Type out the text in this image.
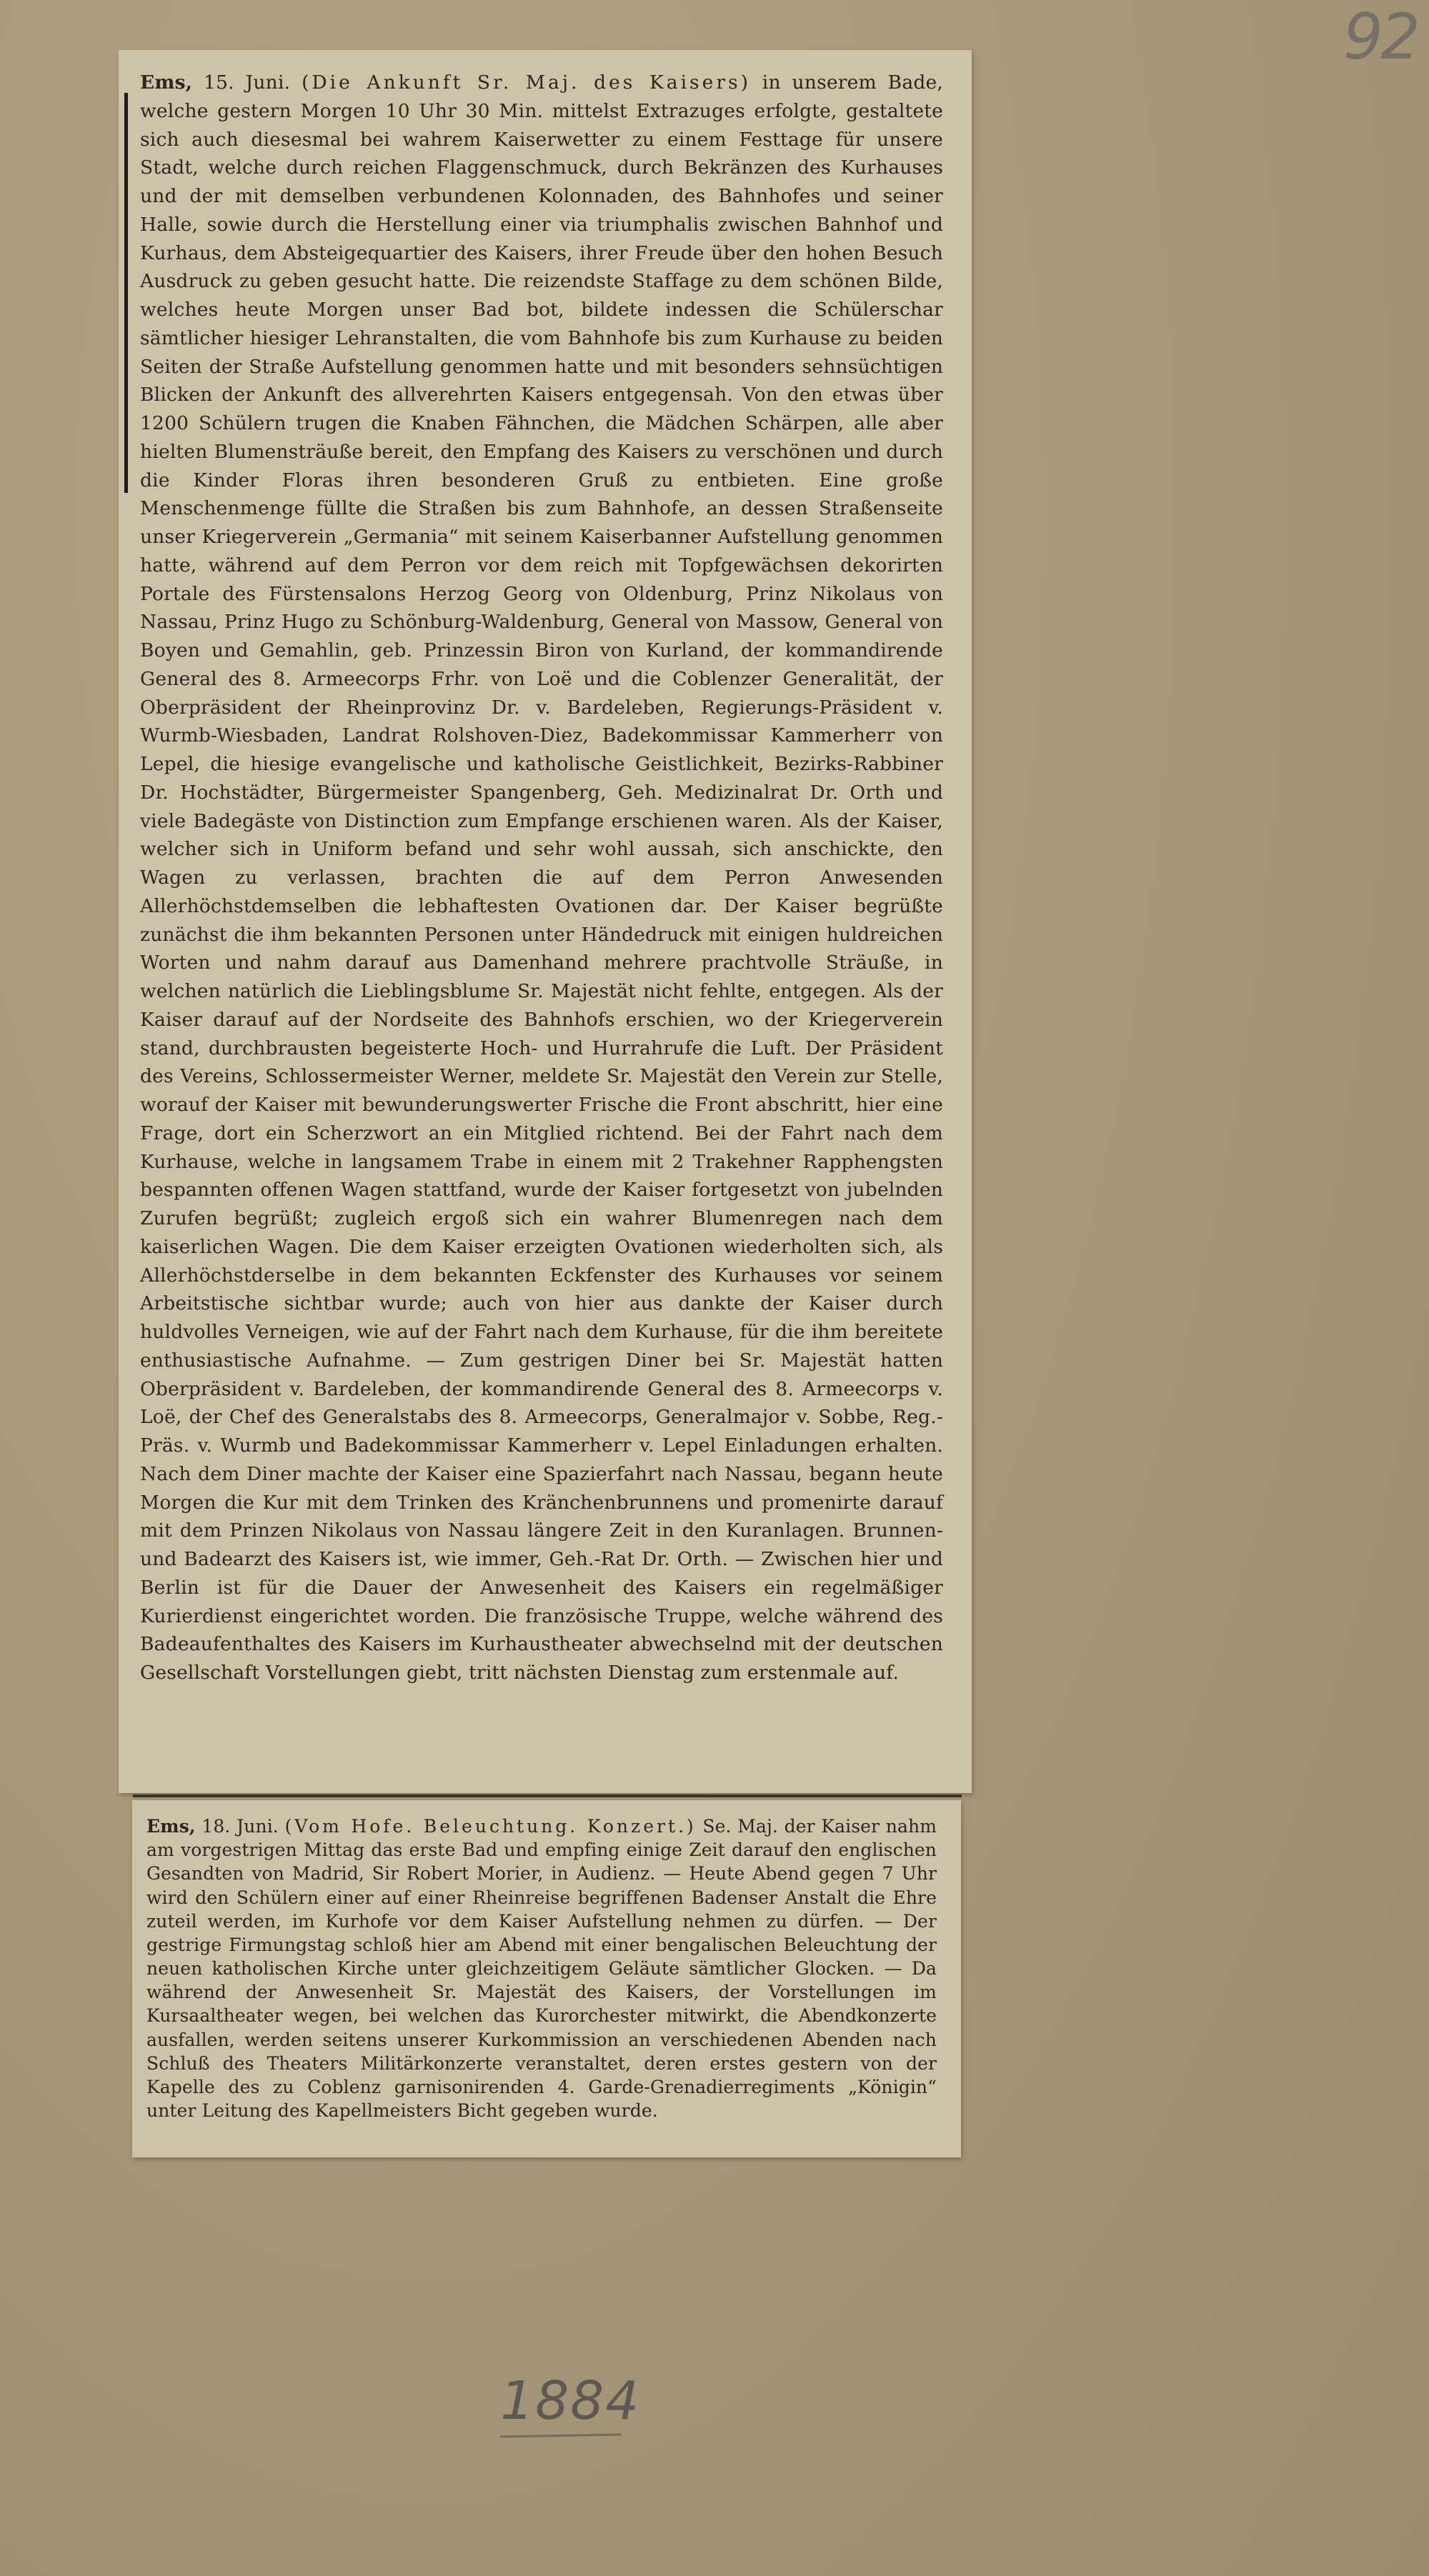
92
Ems, 15. Juni. (Die Ankunft Sr. Maj. des Kaisers) in unserem Bade, welche gestern Morgen 10 Uhr 30 Min. mittelst Extrazuges erfolgte, gestaltete sich auch diesesmal bei wahrem Kaiserwetter zu einem Festtage für unsere Stadt, welche durch reichen Flaggenschmuck, durch Bekränzen des Kurhauses und der mit demselben verbundenen Kolonnaden, des Bahnhofes und seiner Halle, sowie durch die Herstellung einer via triumphalis zwischen Bahnhof und Kurhaus, dem Absteigequartier des Kaisers, ihrer Freude über den hohen Besuch Ausdruck zu geben gesucht hatte. Die reizendste Staffage zu dem schönen Bilde, welches heute Morgen unser Bad bot, bildete indessen die Schülerschar sämtlicher hiesiger Lehranstalten, die vom Bahnhofe bis zum Kurhause zu beiden Seiten der Straße Aufstellung genommen hatte und mit besonders sehnsüchtigen Blicken der Ankunft des allverehrten Kaisers entgegensah. Von den etwas über 1200 Schülern trugen die Knaben Fähnchen, die Mädchen Schärpen, alle aber hielten Blumensträuße bereit, den Empfang des Kaisers zu verschönen und durch die Kinder Floras ihren besonderen Gruß zu entbieten. Eine große Menschenmenge füllte die Straßen bis zum Bahnhofe, an dessen Straßenseite unser Kriegerverein „Germania“ mit seinem Kaiserbanner Aufstellung genommen hatte, während auf dem Perron vor dem reich mit Topfgewächsen dekorirten Portale des Fürstensalons Herzog Georg von Oldenburg, Prinz Nikolaus von Nassau, Prinz Hugo zu Schönburg-Waldenburg, General von Massow, General von Boyen und Gemahlin, geb. Prinzessin Biron von Kurland, der kommandirende General des 8. Armeecorps Frhr. von Loë und die Coblenzer Generalität, der Oberpräsident der Rheinprovinz Dr. v. Bardeleben, Regierungs-Präsident v. Wurmb-Wiesbaden, Landrat Rolshoven-Diez, Badekommissar Kammerherr von Lepel, die hiesige evangelische und katholische Geistlichkeit, Bezirks-Rabbiner Dr. Hochstädter, Bürgermeister Spangenberg, Geh. Medizinalrat Dr. Orth und viele Badegäste von Distinction zum Empfange erschienen waren. Als der Kaiser, welcher sich in Uniform befand und sehr wohl aussah, sich anschickte, den Wagen zu verlassen, brachten die auf dem Perron Anwesenden Allerhöchstdemselben die lebhaftesten Ovationen dar. Der Kaiser begrüßte zunächst die ihm bekannten Personen unter Händedruck mit einigen huldreichen Worten und nahm darauf aus Damenhand mehrere prachtvolle Sträuße, in welchen natürlich die Lieblingsblume Sr. Majestät nicht fehlte, entgegen. Als der Kaiser darauf auf der Nordseite des Bahnhofs erschien, wo der Kriegerverein stand, durchbrausten begeisterte Hoch- und Hurrahrufe die Luft. Der Präsident des Vereins, Schlossermeister Werner, meldete Sr. Majestät den Verein zur Stelle, worauf der Kaiser mit bewunderungswerter Frische die Front abschritt, hier eine Frage, dort ein Scherzwort an ein Mitglied richtend. Bei der Fahrt nach dem Kurhause, welche in langsamem Trabe in einem mit 2 Trakehner Rapphengsten bespannten offenen Wagen stattfand, wurde der Kaiser fortgesetzt von jubelnden Zurufen begrüßt; zugleich ergoß sich ein wahrer Blumenregen nach dem kaiserlichen Wagen. Die dem Kaiser erzeigten Ovationen wiederholten sich, als Allerhöchstderselbe in dem bekannten Eckfenster des Kurhauses vor seinem Arbeitstische sichtbar wurde; auch von hier aus dankte der Kaiser durch huldvolles Verneigen, wie auf der Fahrt nach dem Kurhause, für die ihm bereitete enthusiastische Aufnahme. — Zum gestrigen Diner bei Sr. Majestät hatten Oberpräsident v. Bardeleben, der kommandirende General des 8. Armeecorps v. Loë, der Chef des Generalstabs des 8. Armeecorps, Generalmajor v. Sobbe, Reg.-Präs. v. Wurmb und Badekommissar Kammerherr v. Lepel Einladungen erhalten. Nach dem Diner machte der Kaiser eine Spazierfahrt nach Nassau, begann heute Morgen die Kur mit dem Trinken des Kränchenbrunnens und promenirte darauf mit dem Prinzen Nikolaus von Nassau längere Zeit in den Kuranlagen. Brunnen- und Badearzt des Kaisers ist, wie immer, Geh.-Rat Dr. Orth. — Zwischen hier und Berlin ist für die Dauer der Anwesenheit des Kaisers ein regelmäßiger Kurierdienst eingerichtet worden. Die französische Truppe, welche während des Badeaufenthaltes des Kaisers im Kurhaustheater abwechselnd mit der deutschen Gesellschaft Vorstellungen giebt, tritt nächsten Dienstag zum erstenmale auf.
Ems, 18. Juni. (Vom Hofe. Beleuchtung. Konzert.) Se. Maj. der Kaiser nahm am vorgestrigen Mittag das erste Bad und empfing einige Zeit darauf den englischen Gesandten von Madrid, Sir Robert Morier, in Audienz. — Heute Abend gegen 7 Uhr wird den Schülern einer auf einer Rheinreise begriffenen Badenser Anstalt die Ehre zuteil werden, im Kurhofe vor dem Kaiser Aufstellung nehmen zu dürfen. — Der gestrige Firmungstag schloß hier am Abend mit einer bengalischen Beleuchtung der neuen katholischen Kirche unter gleichzeitigem Geläute sämtlicher Glocken. — Da während der Anwesenheit Sr. Majestät des Kaisers, der Vorstellungen im Kursaaltheater wegen, bei welchen das Kurorchester mitwirkt, die Abendkonzerte ausfallen, werden seitens unserer Kurkommission an verschiedenen Abenden nach Schluß des Theaters Militärkonzerte veranstaltet, deren erstes gestern von der Kapelle des zu Coblenz garnisonirenden 4. Garde-Grenadierregiments „Königin“ unter Leitung des Kapellmeisters Bicht gegeben wurde.
1884
